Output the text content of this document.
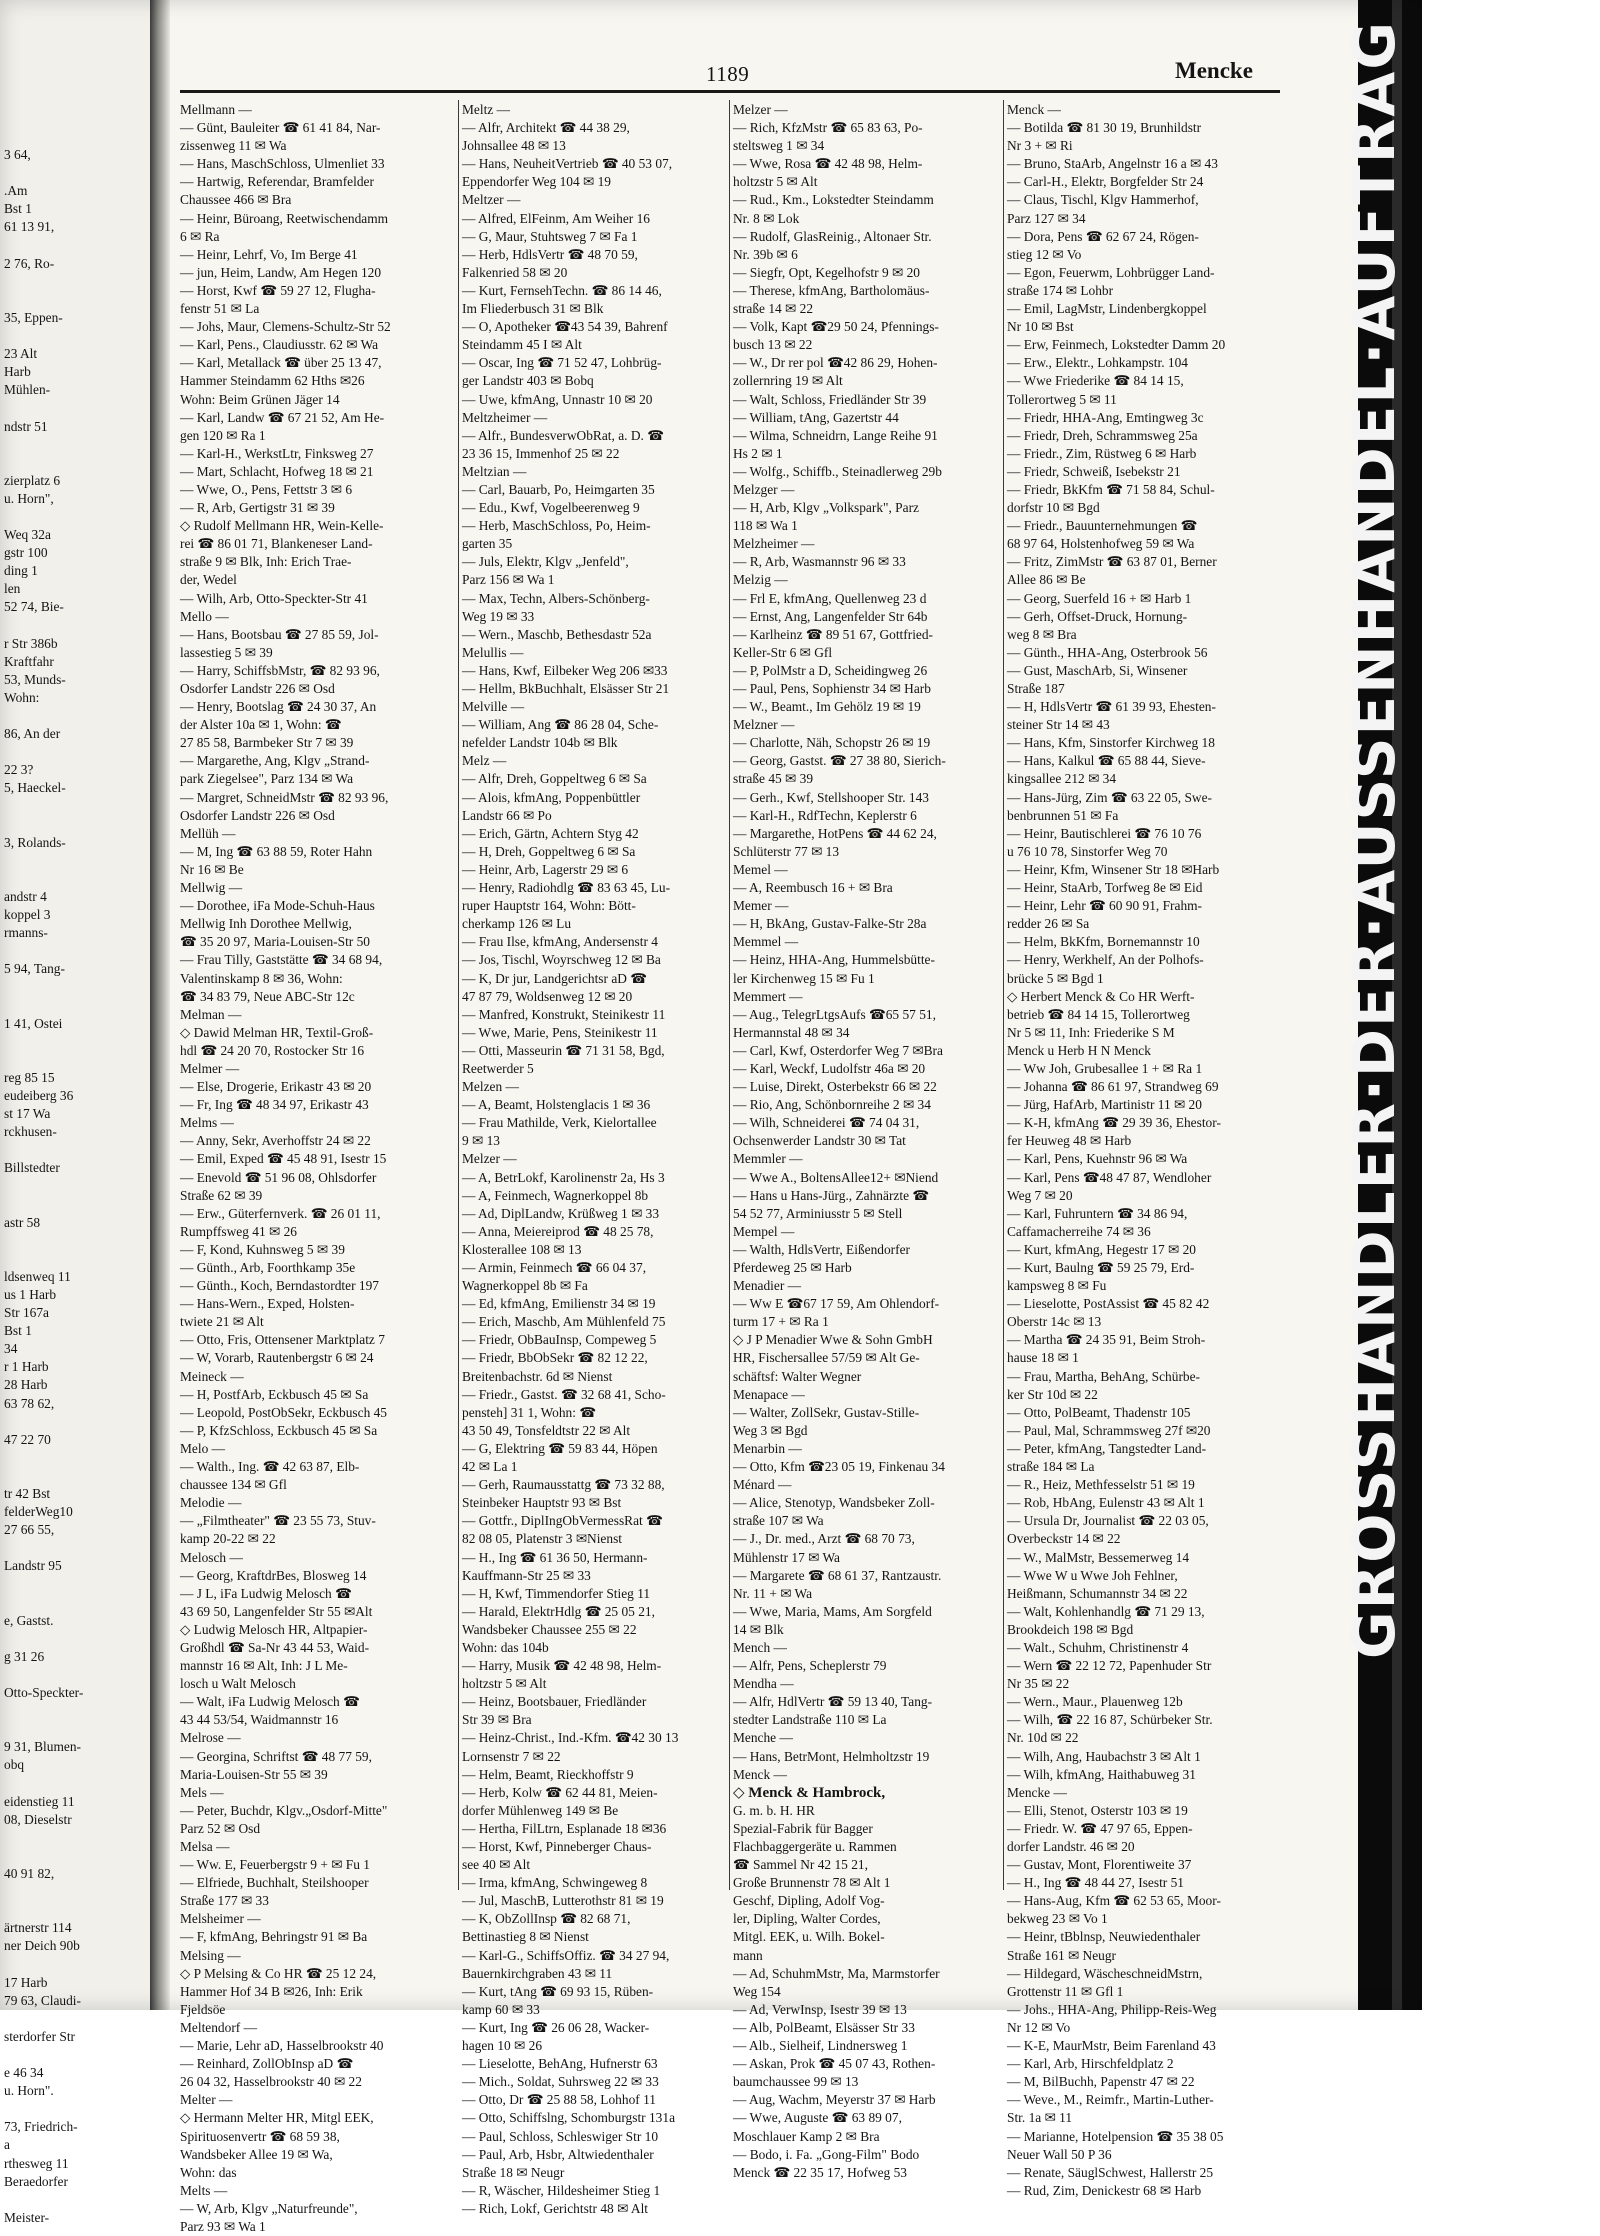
3 64,
.Am
Bst 1
61 13 91,
2 76, Ro-
35, Eppen-
23 Alt
Harb
Mühlen-
ndstr 51
zierplatz 6
u. Horn",
Weq 32a
gstr 100
ding 1
len
52 74, Bie-
r Str 386b
Kraftfahr
53, Munds-
Wohn:
86, An der
22 3?
5, Haeckel-
3, Rolands-
andstr 4
koppel 3
rmanns-
5 94, Tang-
1 41, Ostei
reg 85 15
eudeiberg 36
st 17 Wa
rckhusen-
Billstedter
astr 58
ldsenweq 11
us 1 Harb
Str 167a
Bst 1
34
r 1 Harb
28 Harb
63 78 62,
47 22 70
tr 42 Bst
felderWeg10
27 66 55,
Landstr 95
e, Gastst.
g 31 26
Otto-Speckter-
9 31, Blumen-
obq
eidenstieg 11
08, Dieselstr
40 91 82,
ärtnerstr 114
ner Deich 90b
17 Harb
79 63, Claudi-
sterdorfer Str
e 46 34
u. Horn".
73, Friedrich-
a
rthesweg 11
Beraedorfer
Meister-
1189	Mencke
Mellmann —
— Günt, Bauleiter ☎ 61 41 84, Nar-
zissenweg 11 ✉ Wa
— Hans, MaschSchloss, Ulmenliet 33
— Hartwig, Referendar, Bramfelder
Chaussee 466 ✉ Bra
— Heinr, Büroang, Reetwischendamm
6 ✉ Ra
— Heinr, Lehrf, Vo, Im Berge 41
— jun, Heim, Landw, Am Hegen 120
— Horst, Kwf ☎ 59 27 12, Flugha-
fenstr 51 ✉ La
— Johs, Maur, Clemens-Schultz-Str 52
— Karl, Pens., Claudiusstr. 62 ✉ Wa
— Karl, Metallack ☎ über 25 13 47,
Hammer Steindamm 62 Hths ✉26
Wohn: Beim Grünen Jäger 14
— Karl, Landw ☎ 67 21 52, Am He-
gen 120 ✉ Ra 1
— Karl-H., WerkstLtr, Finksweg 27
— Mart, Schlacht, Hofweg 18 ✉ 21
— Wwe, O., Pens, Fettstr 3 ✉ 6
— R, Arb, Gertigstr 31 ✉ 39
◇ Rudolf Mellmann HR, Wein-Kelle-
rei ☎ 86 01 71, Blankeneser Land-
straße 9 ✉ Blk, Inh: Erich Trae-
der, Wedel
— Wilh, Arb, Otto-Speckter-Str 41
Mello —
— Hans, Bootsbau ☎ 27 85 59, Jol-
lassestieg 5 ✉ 39
— Harry, SchiffsbMstr, ☎ 82 93 96,
Osdorfer Landstr 226 ✉ Osd
— Henry, Bootslag ☎ 24 30 37, An
der Alster 10a ✉ 1, Wohn: ☎
27 85 58, Barmbeker Str 7 ✉ 39
— Margarethe, Ang, Klgv „Strand-
park Ziegelsee", Parz 134 ✉ Wa
— Margret, SchneidMstr ☎ 82 93 96,
Osdorfer Landstr 226 ✉ Osd
Mellüh —
— M, Ing ☎ 63 88 59, Roter Hahn
Nr 16 ✉ Be
Mellwig —
— Dorothee, iFa Mode-Schuh-Haus
Mellwig Inh Dorothee Mellwig,
☎ 35 20 97, Maria-Louisen-Str 50
— Frau Tilly, Gaststätte ☎ 34 68 94,
Valentinskamp 8 ✉ 36, Wohn:
☎ 34 83 79, Neue ABC-Str 12c
Melman —
◇ Dawid Melman HR, Textil-Groß-
hdl ☎ 24 20 70, Rostocker Str 16
Melmer —
— Else, Drogerie, Erikastr 43 ✉ 20
— Fr, Ing ☎ 48 34 97, Erikastr 43
Melms —
— Anny, Sekr, Averhoffstr 24 ✉ 22
— Emil, Exped ☎ 45 48 91, Isestr 15
— Enevold ☎ 51 96 08, Ohlsdorfer
Straße 62 ✉ 39
— Erw., Güterfernverk. ☎ 26 01 11,
Rumpffsweg 41 ✉ 26
— F, Kond, Kuhnsweg 5 ✉ 39
— Günth., Arb, Foorthkamp 35e
— Günth., Koch, Berndastordter 197
— Hans-Wern., Exped, Holsten-
twiete 21 ✉ Alt
— Otto, Fris, Ottensener Marktplatz 7
— W, Vorarb, Rautenbergstr 6 ✉ 24
Meineck —
— H, PostfArb, Eckbusch 45 ✉ Sa
— Leopold, PostObSekr, Eckbusch 45
— P, KfzSchloss, Eckbusch 45 ✉ Sa
Melo —
— Walth., Ing. ☎ 42 63 87, Elb-
chaussee 134 ✉ Gfl
Melodie —
— „Filmtheater" ☎ 23 55 73, Stuv-
kamp 20-22 ✉ 22
Melosch —
— Georg, KraftdrBes, Blosweg 14
— J L, iFa Ludwig Melosch ☎
43 69 50, Langenfelder Str 55 ✉Alt
◇ Ludwig Melosch HR, Altpapier-
Großhdl ☎ Sa-Nr 43 44 53, Waid-
mannstr 16 ✉ Alt, Inh: J L Me-
losch u Walt Melosch
— Walt, iFa Ludwig Melosch ☎
43 44 53/54, Waidmannstr 16
Melrose —
— Georgina, Schriftst ☎ 48 77 59,
Maria-Louisen-Str 55 ✉ 39
Mels —
— Peter, Buchdr, Klgv.„Osdorf-Mitte"
Parz 52 ✉ Osd
Melsa —
— Ww. E, Feuerbergstr 9 + ✉ Fu 1
— Elfriede, Buchhalt, Steilshooper
Straße 177 ✉ 33
Melsheimer —
— F, kfmAng, Behringstr 91 ✉ Ba
Melsing —
◇ P Melsing & Co HR ☎ 25 12 24,
Hammer Hof 34 B ✉26, Inh: Erik
Fjeldsöe
Meltendorf —
— Marie, Lehr aD, Hasselbrookstr 40
— Reinhard, ZollObInsp aD ☎
26 04 32, Hasselbrookstr 40 ✉ 22
Melter —
◇ Hermann Melter HR, Mitgl EEK,
Spirituosenvertr ☎ 68 59 38,
Wandsbeker Allee 19 ✉ Wa,
Wohn: das
Melts —
— W, Arb, Klgv „Naturfreunde",
Parz 93 ✉ Wa 1
Meltz —
— Alfr, Architekt ☎ 44 38 29,
Johnsallee 48 ✉ 13
— Hans, NeuheitVertrieb ☎ 40 53 07,
Eppendorfer Weg 104 ✉ 19
Meltzer —
— Alfred, ElFeinm, Am Weiher 16
— G, Maur, Stuhtsweg 7 ✉ Fa 1
— Herb, HdlsVertr ☎ 48 70 59,
Falkenried 58 ✉ 20
— Kurt, FernsehTechn. ☎ 86 14 46,
Im Fliederbusch 31 ✉ Blk
— O, Apotheker ☎43 54 39, Bahrenf
Steindamm 45 I ✉ Alt
— Oscar, Ing ☎ 71 52 47, Lohbrüg-
ger Landstr 403 ✉ Bobq
— Uwe, kfmAng, Unnastr 10 ✉ 20
Meltzheimer —
— Alfr., BundesverwObRat, a. D. ☎
23 36 15, Immenhof 25 ✉ 22
Meltzian —
— Carl, Bauarb, Po, Heimgarten 35
— Edu., Kwf, Vogelbeerenweg 9
— Herb, MaschSchloss, Po, Heim-
garten 35
— Juls, Elektr, Klgv „Jenfeld",
Parz 156 ✉ Wa 1
— Max, Techn, Albers-Schönberg-
Weg 19 ✉ 33
— Wern., Maschb, Bethesdastr 52a
Melullis —
— Hans, Kwf, Eilbeker Weg 206 ✉33
— Hellm, BkBuchhalt, Elsässer Str 21
Melville —
— William, Ang ☎ 86 28 04, Sche-
nefelder Landstr 104b ✉ Blk
Melz —
— Alfr, Dreh, Goppeltweg 6 ✉ Sa
— Alois, kfmAng, Poppenbüttler
Landstr 66 ✉ Po
— Erich, Gärtn, Achtern Styg 42
— H, Dreh, Goppeltweg 6 ✉ Sa
— Heinr, Arb, Lagerstr 29 ✉ 6
— Henry, Radiohdlg ☎ 83 63 45, Lu-
ruper Hauptstr 164, Wohn: Bött-
cherkamp 126 ✉ Lu
— Frau Ilse, kfmAng, Andersenstr 4
— Jos, Tischl, Woyrschweg 12 ✉ Ba
— K, Dr jur, Landgerichtsr aD ☎
47 87 79, Woldsenweg 12 ✉ 20
— Manfred, Konstrukt, Steinikestr 11
— Wwe, Marie, Pens, Steinikestr 11
— Otti, Masseurin ☎ 71 31 58, Bgd,
Reetwerder 5
Melzen —
— A, Beamt, Holstenglacis 1 ✉ 36
— Frau Mathilde, Verk, Kielortallee
9 ✉ 13
Melzer —
— A, BetrLokf, Karolinenstr 2a, Hs 3
— A, Feinmech, Wagnerkoppel 8b
— Ad, DiplLandw, Krüßweg 1 ✉ 33
— Anna, Meiereiprod ☎ 48 25 78,
Klosterallee 108 ✉ 13
— Armin, Feinmech ☎ 66 04 37,
Wagnerkoppel 8b ✉ Fa
— Ed, kfmAng, Emilienstr 34 ✉ 19
— Erich, Maschb, Am Mühlenfeld 75
— Friedr, ObBauInsp, Compeweg 5
— Friedr, BbObSekr ☎ 82 12 22,
Breitenbachstr. 6d ✉ Nienst
— Friedr., Gastst. ☎ 32 68 41, Scho-
pensteh] 31 1, Wohn: ☎
43 50 49, Tonsfeldtstr 22 ✉ Alt
— G, Elektring ☎ 59 83 44, Höpen
42 ✉ La 1
— Gerh, Raumausstattg ☎ 73 32 88,
Steinbeker Hauptstr 93 ✉ Bst
— Gottfr., DiplIngObVermessRat ☎
82 08 05, Platenstr 3 ✉Nienst
— H., Ing ☎ 61 36 50, Hermann-
Kauffmann-Str 25 ✉ 33
— H, Kwf, Timmendorfer Stieg 11
— Harald, ElektrHdlg ☎ 25 05 21,
Wandsbeker Chaussee 255 ✉ 22
Wohn: das 104b
— Harry, Musik ☎ 42 48 98, Helm-
holtzstr 5 ✉ Alt
— Heinz, Bootsbauer, Friedländer
Str 39 ✉ Bra
— Heinz-Christ., Ind.-Kfm. ☎42 30 13
Lornsenstr 7 ✉ 22
— Helm, Beamt, Rieckhoffstr 9
— Herb, Kolw ☎ 62 44 81, Meien-
dorfer Mühlenweg 149 ✉ Be
— Hertha, FilLtrn, Esplanade 18 ✉36
— Horst, Kwf, Pinneberger Chaus-
see 40 ✉ Alt
— Irma, kfmAng, Schwingeweg 8
— Jul, MaschB, Lutterothstr 81 ✉ 19
— K, ObZollInsp ☎ 82 68 71,
Bettinastieg 8 ✉ Nienst
— Karl-G., SchiffsOffiz. ☎ 34 27 94,
Bauernkirchgraben 43 ✉ 11
— Kurt, tAng ☎ 69 93 15, Rüben-
kamp 60 ✉ 33
— Kurt, Ing ☎ 26 06 28, Wacker-
hagen 10 ✉ 26
— Lieselotte, BehAng, Hufnerstr 63
— Mich., Soldat, Suhrsweg 22 ✉ 33
— Otto, Dr ☎ 25 88 58, Lohhof 11
— Otto, Schiffslng, Schomburgstr 131a
— Paul, Schloss, Schleswiger Str 10
— Paul, Arb, Hsbr, Altwiedenthaler
Straße 18 ✉ Neugr
— R, Wäscher, Hildesheimer Stieg 1
— Rich, Lokf, Gerichtstr 48 ✉ Alt
Melzer —
— Rich, KfzMstr ☎ 65 83 63, Po-
steltsweg 1 ✉ 34
— Wwe, Rosa ☎ 42 48 98, Helm-
holtzstr 5 ✉ Alt
— Rud., Km., Lokstedter Steindamm
Nr. 8 ✉ Lok
— Rudolf, GlasReinig., Altonaer Str.
Nr. 39b ✉ 6
— Siegfr, Opt, Kegelhofstr 9 ✉ 20
— Therese, kfmAng, Bartholomäus-
straße 14 ✉ 22
— Volk, Kapt ☎29 50 24, Pfennings-
busch 13 ✉ 22
— W., Dr rer pol ☎42 86 29, Hohen-
zollernring 19 ✉ Alt
— Walt, Schloss, Friedländer Str 39
— William, tAng, Gazertstr 44
— Wilma, Schneidrn, Lange Reihe 91
Hs 2 ✉ 1
— Wolfg., Schiffb., Steinadlerweg 29b
Melzger —
— H, Arb, Klgv „Volkspark", Parz
118 ✉ Wa 1
Melzheimer —
— R, Arb, Wasmannstr 96 ✉ 33
Melzig —
— Frl E, kfmAng, Quellenweg 23 d
— Ernst, Ang, Langenfelder Str 64b
— Karlheinz ☎ 89 51 67, Gottfried-
Keller-Str 6 ✉ Gfl
— P, PolMstr a D, Scheidingweg 26
— Paul, Pens, Sophienstr 34 ✉ Harb
— W., Beamt., Im Gehölz 19 ✉ 19
Melzner —
— Charlotte, Näh, Schopstr 26 ✉ 19
— Georg, Gastst. ☎ 27 38 80, Sierich-
straße 45 ✉ 39
— Gerh., Kwf, Stellshooper Str. 143
— Karl-H., RdfTechn, Keplerstr 6
— Margarethe, HotPens ☎ 44 62 24,
Schlüterstr 77 ✉ 13
Memel —
— A, Reembusch 16 + ✉ Bra
Memer —
— H, BkAng, Gustav-Falke-Str 28a
Memmel —
— Heinz, HHA-Ang, Hummelsbütte-
ler Kirchenweg 15 ✉ Fu 1
Memmert —
— Aug., TelegrLtgsAufs ☎65 57 51,
Hermannstal 48 ✉ 34
— Carl, Kwf, Osterdorfer Weg 7 ✉Bra
— Karl, Weckf, Ludolfstr 46a ✉ 20
— Luise, Direkt, Osterbekstr 66 ✉ 22
— Rio, Ang, Schönbornreihe 2 ✉ 34
— Wilh, Schneiderei ☎ 74 04 31,
Ochsenwerder Landstr 30 ✉ Tat
Memmler —
— Wwe A., BoltensAllee12+ ✉Niend
— Hans u Hans-Jürg., Zahnärzte ☎
54 52 77, Arminiusstr 5 ✉ Stell
Mempel —
— Walth, HdlsVertr, Eißendorfer
Pferdeweg 25 ✉ Harb
Menadier —
— Ww E ☎67 17 59, Am Ohlendorf-
turm 17 + ✉ Ra 1
◇ J P Menadier Wwe & Sohn GmbH
HR, Fischersallee 57/59 ✉ Alt Ge-
schäftsf: Walter Wegner
Menapace —
— Walter, ZollSekr, Gustav-Stille-
Weg 3 ✉ Bgd
Menarbin —
— Otto, Kfm ☎23 05 19, Finkenau 34
Ménard —
— Alice, Stenotyp, Wandsbeker Zoll-
straße 107 ✉ Wa
— J., Dr. med., Arzt ☎ 68 70 73,
Mühlenstr 17 ✉ Wa
— Margarete ☎ 68 61 37, Rantzaustr.
Nr. 11 + ✉ Wa
— Wwe, Maria, Mams, Am Sorgfeld
14 ✉ Blk
Mench —
— Alfr, Pens, Scheplerstr 79
Mendha —
— Alfr, HdlVertr ☎ 59 13 40, Tang-
stedter Landstraße 110 ✉ La
Menche —
— Hans, BetrMont, Helmholtzstr 19
Menck —
◇ Menck & Hambrock,
G. m. b. H. HR
Spezial-Fabrik für Bagger
Flachbaggergeräte u. Rammen
☎ Sammel Nr 42 15 21,
Große Brunnenstr 78 ✉ Alt 1
Geschf, Dipling, Adolf Vog-
ler, Dipling, Walter Cordes,
Mitgl. EEK, u. Wilh. Bokel-
mann
— Ad, SchuhmMstr, Ma, Marmstorfer
Weg 154
— Ad, VerwInsp, Isestr 39 ✉ 13
— Alb, PolBeamt, Elsässer Str 33
— Alb., Sielheif, Lindnersweg 1
— Askan, Prok ☎ 45 07 43, Rothen-
baumchaussee 99 ✉ 13
— Aug, Wachm, Meyerstr 37 ✉ Harb
— Wwe, Auguste ☎ 63 89 07,
Moschlauer Kamp 2 ✉ Bra
— Bodo, i. Fa. „Gong-Film" Bodo
Menck ☎ 22 35 17, Hofweg 53
Menck —
— Botilda ☎ 81 30 19, Brunhildstr
Nr 3 + ✉ Ri
— Bruno, StaArb, Angelnstr 16 a ✉ 43
— Carl-H., Elektr, Borgfelder Str 24
— Claus, Tischl, Klgv Hammerhof,
Parz 127 ✉ 34
— Dora, Pens ☎ 62 67 24, Rögen-
stieg 12 ✉ Vo
— Egon, Feuerwm, Lohbrügger Land-
straße 174 ✉ Lohbr
— Emil, LagMstr, Lindenbergkoppel
Nr 10 ✉ Bst
— Erw, Feinmech, Lokstedter Damm 20
— Erw., Elektr., Lohkampstr. 104
— Wwe Friederike ☎ 84 14 15,
Tollerortweg 5 ✉ 11
— Friedr, HHA-Ang, Emtingweg 3c
— Friedr, Dreh, Schrammsweg 25a
— Friedr., Zim, Rüstweg 6 ✉ Harb
— Friedr, Schweiß, Isebekstr 21
— Friedr, BkKfm ☎ 71 58 84, Schul-
dorfstr 10 ✉ Bgd
— Friedr., Bauunternehmungen ☎
68 97 64, Holstenhofweg 59 ✉ Wa
— Fritz, ZimMstr ☎ 63 87 01, Berner
Allee 86 ✉ Be
— Georg, Suerfeld 16 + ✉ Harb 1
— Gerh, Offset-Druck, Hornung-
weg 8 ✉ Bra
— Günth., HHA-Ang, Osterbrook 56
— Gust, MaschArb, Si, Winsener
Straße 187
— H, HdlsVertr ☎ 61 39 93, Ehesten-
steiner Str 14 ✉ 43
— Hans, Kfm, Sinstorfer Kirchweg 18
— Hans, Kalkul ☎ 65 88 44, Sieve-
kingsallee 212 ✉ 34
— Hans-Jürg, Zim ☎ 63 22 05, Swe-
benbrunnen 51 ✉ Fa
— Heinr, Bautischlerei ☎ 76 10 76
u 76 10 78, Sinstorfer Weg 70
— Heinr, Kfm, Winsener Str 18 ✉Harb
— Heinr, StaArb, Torfweg 8e ✉ Eid
— Heinr, Lehr ☎ 60 90 91, Frahm-
redder 26 ✉ Sa
— Helm, BkKfm, Bornemannstr 10
— Henry, Werkhelf, An der Polhofs-
brücke 5 ✉ Bgd 1
◇ Herbert Menck & Co HR Werft-
betrieb ☎ 84 14 15, Tollerortweg
Nr 5 ✉ 11, Inh: Friederike S M
Menck u Herb H N Menck
— Ww Joh, Grubesallee 1 + ✉ Ra 1
— Johanna ☎ 86 61 97, Strandweg 69
— Jürg, HafArb, Martinistr 11 ✉ 20
— K-H, kfmAng ☎ 29 39 36, Ehestor-
fer Heuweg 48 ✉ Harb
— Karl, Pens, Kuehnstr 96 ✉ Wa
— Karl, Pens ☎48 47 87, Wendloher
Weg 7 ✉ 20
— Karl, Fuhruntern ☎ 34 86 94,
Caffamacherreihe 74 ✉ 36
— Kurt, kfmAng, Hegestr 17 ✉ 20
— Kurt, Baulng ☎ 59 25 79, Erd-
kampsweg 8 ✉ Fu
— Lieselotte, PostAssist ☎ 45 82 42
Oberstr 14c ✉ 13
— Martha ☎ 24 35 91, Beim Stroh-
hause 18 ✉ 1
— Frau, Martha, BehAng, Schürbe-
ker Str 10d ✉ 22
— Otto, PolBeamt, Thadenstr 105
— Paul, Mal, Schrammsweg 27f ✉20
— Peter, kfmAng, Tangstedter Land-
straße 184 ✉ La
— R., Heiz, Methfesselstr 51 ✉ 19
— Rob, HbAng, Eulenstr 43 ✉ Alt 1
— Ursula Dr, Journalist ☎ 22 03 05,
Overbeckstr 14 ✉ 22
— W., MalMstr, Bessemerweg 14
— Wwe W u Wwe Joh Fehlner,
Heißmann, Schumannstr 34 ✉ 22
— Walt, Kohlenhandlg ☎ 71 29 13,
Brookdeich 198 ✉ Bgd
— Walt., Schuhm, Christinenstr 4
— Wern ☎ 22 12 72, Papenhuder Str
Nr 35 ✉ 22
— Wern., Maur., Plauenweg 12b
— Wilh, ☎ 22 16 87, Schürbeker Str.
Nr. 10d ✉ 22
— Wilh, Ang, Haubachstr 3 ✉ Alt 1
— Wilh, kfmAng, Haithabuweg 31
Mencke —
— Elli, Stenot, Osterstr 103 ✉ 19
— Friedr. W. ☎ 47 97 65, Eppen-
dorfer Landstr. 46 ✉ 20
— Gustav, Mont, Florentiweite 37
— H., Ing ☎ 48 44 27, Isestr 51
— Hans-Aug, Kfm ☎ 62 53 65, Moor-
bekweg 23 ✉ Vo 1
— Heinr, tBblnsp, Neuwiedenthaler
Straße 161 ✉ Neugr
— Hildegard, WäscheschneidMstrn,
Grottenstr 11 ✉ Gfl 1
— Johs., HHA-Ang, Philipp-Reis-Weg
Nr 12 ✉ Vo
— K-E, MaurMstr, Beim Farenland 43
— Karl, Arb, Hirschfeldplatz 2
— M, BilBuchh, Papenstr 47 ✉ 22
— Weve., M., Reimfr., Martin-Luther-
Str. 1a ✉ 11
— Marianne, Hotelpension ☎ 35 38 05
Neuer Wall 50 P 36
— Renate, SäuglSchwest, Hallerstr 25
— Rud, Zim, Denickestr 68 ✉ Harb
GROSSHANDLER·DER·AUSSENHANDEL·AUFTRAG
